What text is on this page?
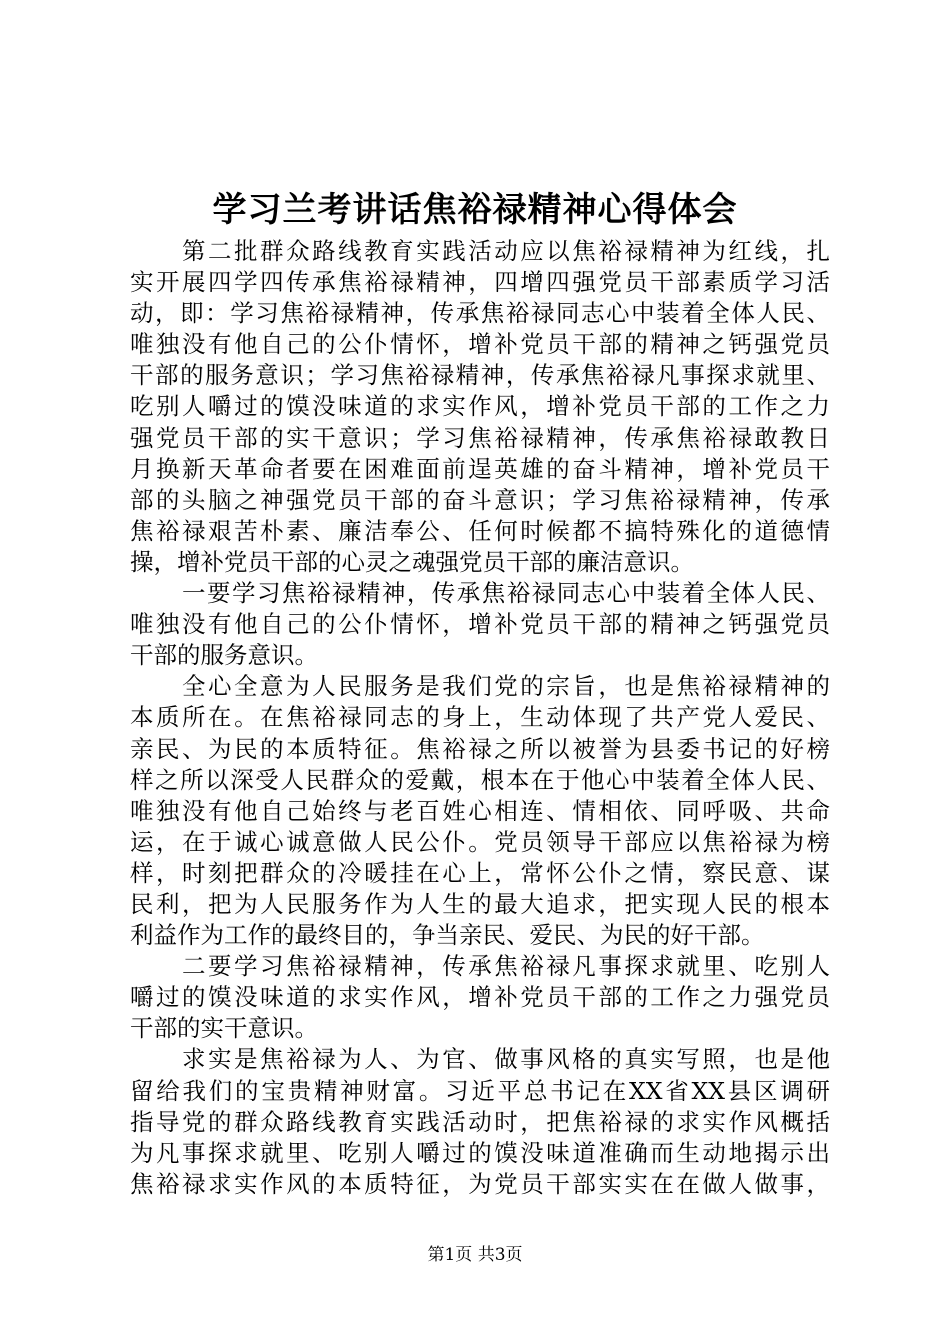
学习兰考讲话焦裕禄精神心得体会
第二批群众路线教育实践活动应以焦裕禄精神为红线，扎
实开展四学四传承焦裕禄精神，四增四强党员干部素质学习活
动，即：学习焦裕禄精神，传承焦裕禄同志心中装着全体人民、
唯独没有他自己的公仆情怀，增补党员干部的精神之钙强党员
干部的服务意识；学习焦裕禄精神，传承焦裕禄凡事探求就里、
吃别人嚼过的馍没味道的求实作风，增补党员干部的工作之力
强党员干部的实干意识；学习焦裕禄精神，传承焦裕禄敢教日
月换新天革命者要在困难面前逞英雄的奋斗精神，增补党员干
部的头脑之神强党员干部的奋斗意识；学习焦裕禄精神，传承
焦裕禄艰苦朴素、廉洁奉公、任何时候都不搞特殊化的道德情
操，增补党员干部的心灵之魂强党员干部的廉洁意识。
一要学习焦裕禄精神，传承焦裕禄同志心中装着全体人民、
唯独没有他自己的公仆情怀，增补党员干部的精神之钙强党员
干部的服务意识。
全心全意为人民服务是我们党的宗旨，也是焦裕禄精神的
本质所在。在焦裕禄同志的身上，生动体现了共产党人爱民、
亲民、为民的本质特征。焦裕禄之所以被誉为县委书记的好榜
样之所以深受人民群众的爱戴，根本在于他心中装着全体人民、
唯独没有他自己始终与老百姓心相连、情相依、同呼吸、共命
运，在于诚心诚意做人民公仆。党员领导干部应以焦裕禄为榜
样，时刻把群众的冷暖挂在心上，常怀公仆之情，察民意、谋
民利，把为人民服务作为人生的最大追求，把实现人民的根本
利益作为工作的最终目的，争当亲民、爱民、为民的好干部。
二要学习焦裕禄精神，传承焦裕禄凡事探求就里、吃别人
嚼过的馍没味道的求实作风，增补党员干部的工作之力强党员
干部的实干意识。
求实是焦裕禄为人、为官、做事风格的真实写照，也是他
留给我们的宝贵精神财富。习近平总书记在XX省XX县区调研
指导党的群众路线教育实践活动时，把焦裕禄的求实作风概括
为凡事探求就里、吃别人嚼过的馍没味道准确而生动地揭示出
焦裕禄求实作风的本质特征，为党员干部实实在在做人做事，
第1页 共3页
